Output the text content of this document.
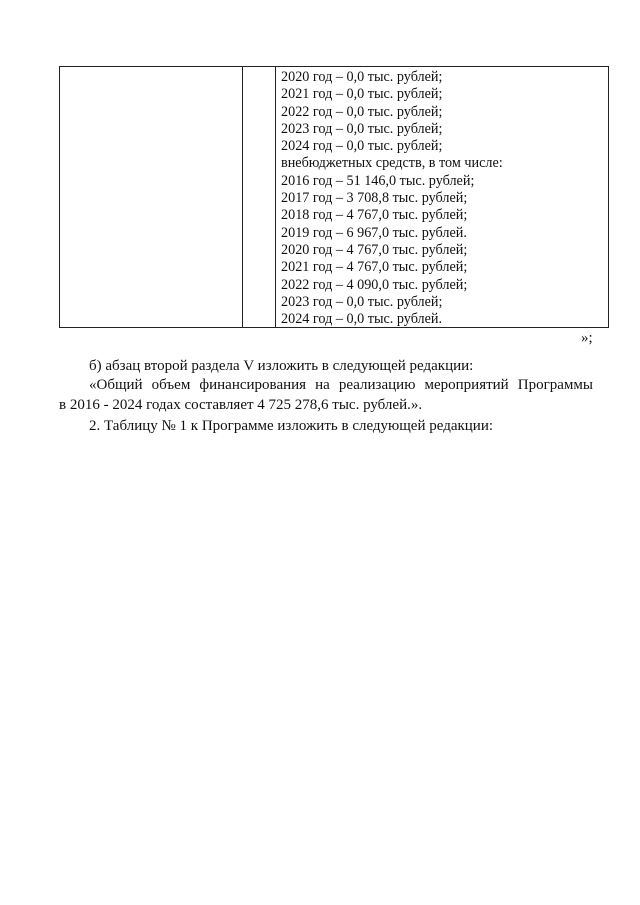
2020 год – 0,0 тыс. рублей;
2021 год – 0,0 тыс. рублей;
2022 год – 0,0 тыс. рублей;
2023 год – 0,0 тыс. рублей;
2024 год – 0,0 тыс. рублей;
внебюджетных средств, в том числе:
2016 год – 51 146,0 тыс. рублей;
2017 год – 3 708,8 тыс. рублей;
2018 год – 4 767,0 тыс. рублей;
2019 год – 6 967,0 тыс. рублей.
2020 год – 4 767,0 тыс. рублей;
2021 год – 4 767,0 тыс. рублей;
2022 год – 4 090,0 тыс. рублей;
2023 год – 0,0 тыс. рублей;
2024 год – 0,0 тыс. рублей.
»;
б) абзац второй раздела V изложить в следующей редакции:
«Общий объем финансирования на реализацию мероприятий Программы
в 2016 - 2024 годах составляет 4 725 278,6 тыс. рублей.».
2. Таблицу № 1 к Программе изложить в следующей редакции:
